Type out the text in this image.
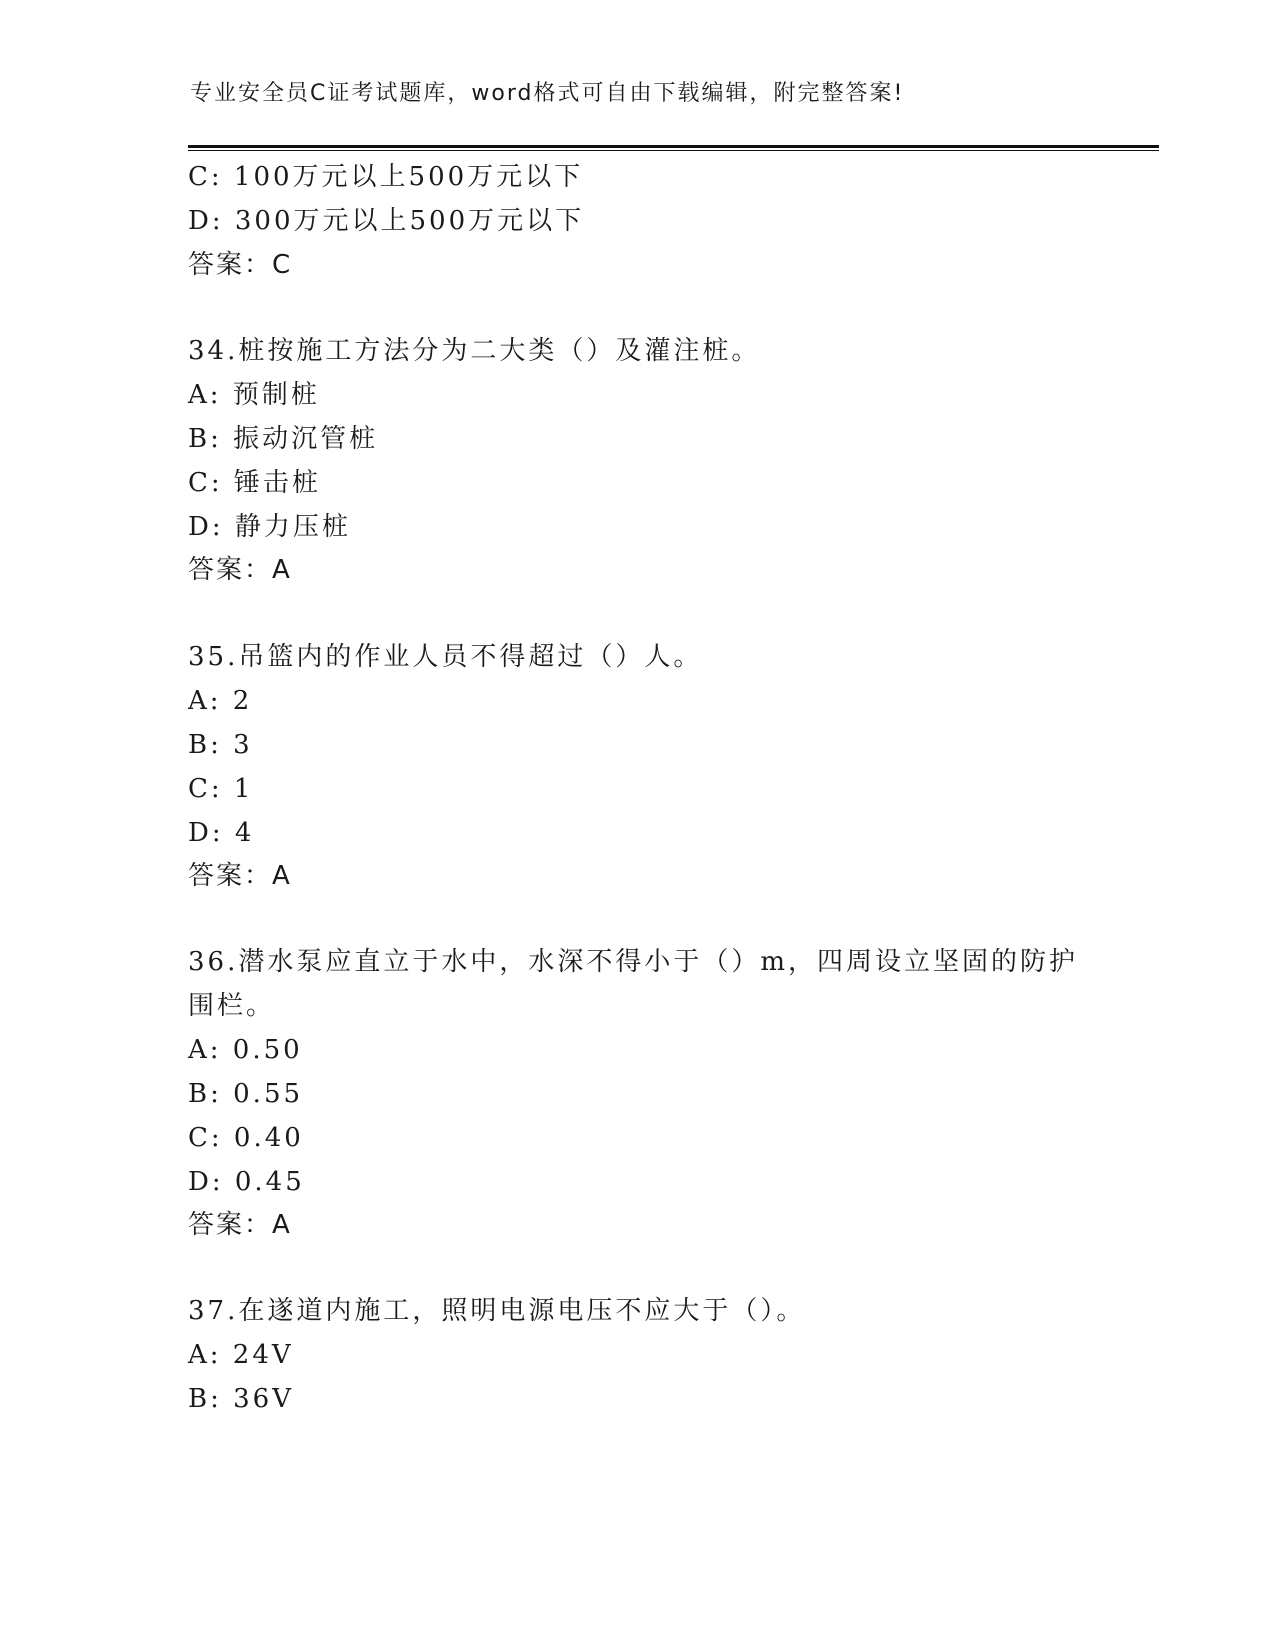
专业安全员C证考试题库，word格式可自由下载编辑，附完整答案!
C: 100万元以上500万元以下
D: 300万元以上500万元以下
答案：C
34.桩按施工方法分为二大类（）及灌注桩。
A: 预制桩
B: 振动沉管桩
C: 锤击桩
D: 静力压桩
答案：A
35.吊篮内的作业人员不得超过（）人。
A: 2
B: 3
C: 1
D: 4
答案：A
36.潜水泵应直立于水中，水深不得小于（）m，四周设立坚固的防护
围栏。
A: 0.50
B: 0.55
C: 0.40
D: 0.45
答案：A
37.在遂道内施工，照明电源电压不应大于（）。
A: 24V
B: 36V
